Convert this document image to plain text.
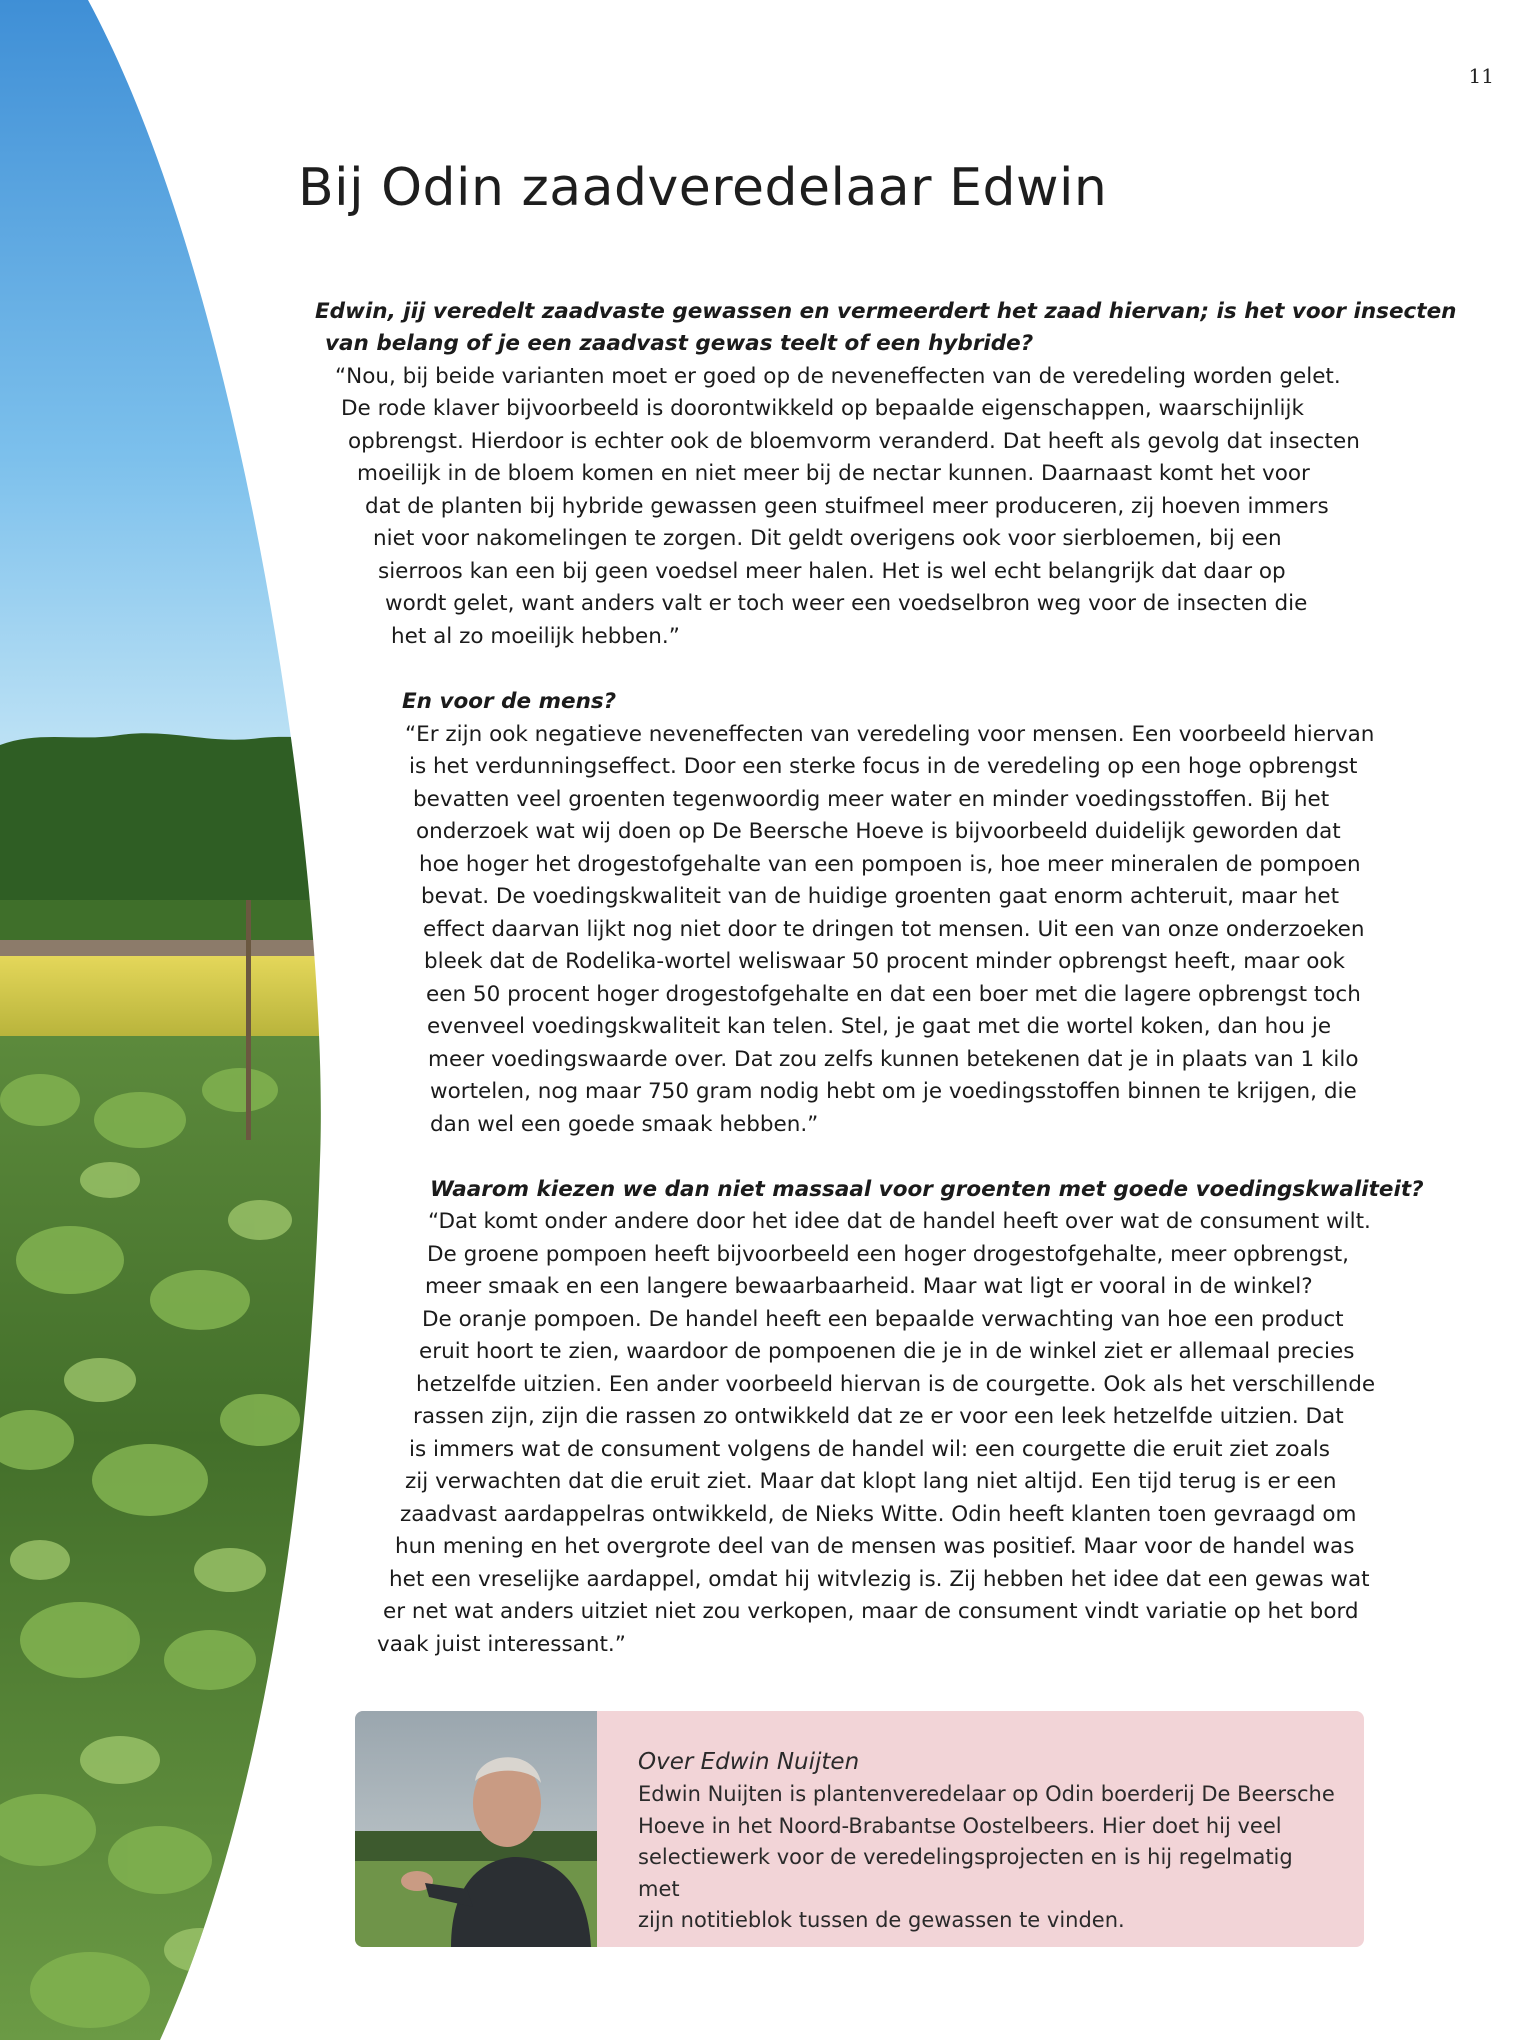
11
Bij Odin zaadveredelaar Edwin
Edwin, jij veredelt zaadvaste gewassen en vermeerdert het zaad hiervan; is het voor insecten
van belang of je een zaadvast gewas teelt of een hybride?
“Nou, bij beide varianten moet er goed op de neveneffecten van de veredeling worden gelet.
De rode klaver bijvoorbeeld is doorontwikkeld op bepaalde eigenschappen, waarschijnlijk
opbrengst. Hierdoor is echter ook de bloemvorm veranderd. Dat heeft als gevolg dat insecten
moeilijk in de bloem komen en niet meer bij de nectar kunnen. Daarnaast komt het voor
dat de planten bij hybride gewassen geen stuifmeel meer produceren, zij hoeven immers
niet voor nakomelingen te zorgen. Dit geldt overigens ook voor sierbloemen, bij een
sierroos kan een bij geen voedsel meer halen. Het is wel echt belangrijk dat daar op
wordt gelet, want anders valt er toch weer een voedselbron weg voor de insecten die
het al zo moeilijk hebben.”
En voor de mens?
“Er zijn ook negatieve neveneffecten van veredeling voor mensen. Een voorbeeld hiervan
is het verdunningseffect. Door een sterke focus in de veredeling op een hoge opbrengst
bevatten veel groenten tegenwoordig meer water en minder voedingsstoffen. Bij het
onderzoek wat wij doen op De Beersche Hoeve is bijvoorbeeld duidelijk geworden dat
hoe hoger het drogestofgehalte van een pompoen is, hoe meer mineralen de pompoen
bevat. De voedingskwaliteit van de huidige groenten gaat enorm achteruit, maar het
effect daarvan lijkt nog niet door te dringen tot mensen. Uit een van onze onderzoeken
bleek dat de Rodelika-wortel weliswaar 50 procent minder opbrengst heeft, maar ook
een 50 procent hoger drogestofgehalte en dat een boer met die lagere opbrengst toch
evenveel voedingskwaliteit kan telen. Stel, je gaat met die wortel koken, dan hou je
meer voedingswaarde over. Dat zou zelfs kunnen betekenen dat je in plaats van 1 kilo
wortelen, nog maar 750 gram nodig hebt om je voedingsstoffen binnen te krijgen, die
dan wel een goede smaak hebben.”
Waarom kiezen we dan niet massaal voor groenten met goede voedingskwaliteit?
“Dat komt onder andere door het idee dat de handel heeft over wat de consument wilt.
De groene pompoen heeft bijvoorbeeld een hoger drogestofgehalte, meer opbrengst,
meer smaak en een langere bewaarbaarheid. Maar wat ligt er vooral in de winkel?
De oranje pompoen. De handel heeft een bepaalde verwachting van hoe een product
eruit hoort te zien, waardoor de pompoenen die je in de winkel ziet er allemaal precies
hetzelfde uitzien. Een ander voorbeeld hiervan is de courgette. Ook als het verschillende
rassen zijn, zijn die rassen zo ontwikkeld dat ze er voor een leek hetzelfde uitzien. Dat
is immers wat de consument volgens de handel wil: een courgette die eruit ziet zoals
zij verwachten dat die eruit ziet. Maar dat klopt lang niet altijd. Een tijd terug is er een
zaadvast aardappelras ontwikkeld, de Nieks Witte. Odin heeft klanten toen gevraagd om
hun mening en het overgrote deel van de mensen was positief. Maar voor de handel was
het een vreselijke aardappel, omdat hij witvlezig is. Zij hebben het idee dat een gewas wat
er net wat anders uitziet niet zou verkopen, maar de consument vindt variatie op het bord
vaak juist interessant.”
Over Edwin Nuijten

Edwin Nuijten is plantenveredelaar op Odin boerderij De Beersche
Hoeve in het Noord-Brabantse Oostelbeers. Hier doet hij veel
selectiewerk voor de veredelingsprojecten en is hij regelmatig met
zijn notitieblok tussen de gewassen te vinden.
